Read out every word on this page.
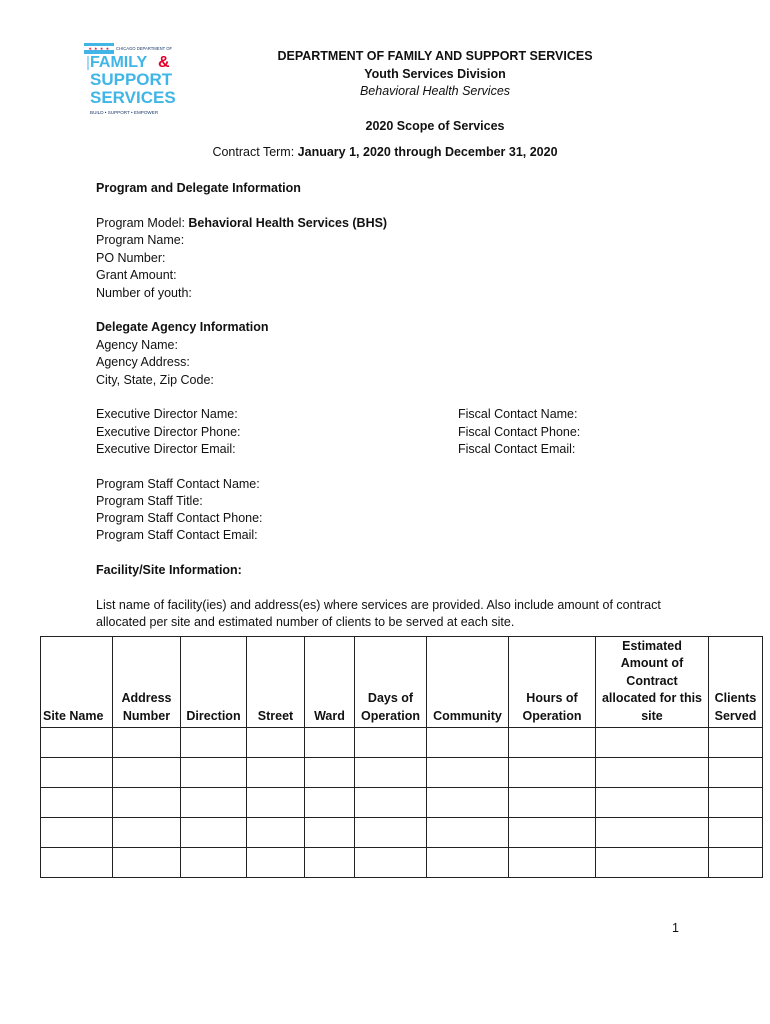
✶ ✶ ✶ ✶ CHICAGO DEPARTMENT OF
FAMILY &
SUPPORT
SERVICES
BUILD • SUPPORT • EMPOWER
DEPARTMENT OF FAMILY AND SUPPORT SERVICES
Youth Services Division
Behavioral Health Services
2020 Scope of Services
Contract Term: January 1, 2020 through December 31, 2020
Program and Delegate Information
Program Model: Behavioral Health Services (BHS)
Program Name:
PO Number:
Grant Amount:
Number of youth:
Delegate Agency Information
Agency Name:
Agency Address:
City, State, Zip Code:
Executive Director Name:
Executive Director Phone:
Executive Director Email:
Fiscal Contact Name:
Fiscal Contact Phone:
Fiscal Contact Email:
Program Staff Contact Name:
Program Staff Title:
Program Staff Contact Phone:
Program Staff Contact Email:
Facility/Site Information:
List name of facility(ies) and address(es) where services are provided. Also include amount of contract
allocated per site and estimated number of clients to be served at each site.
Site Name	Address Number	Direction	Street	Ward	Days of Operation	Community	Hours of Operation	Estimated Amount of Contract allocated for this site	Clients Served

1
